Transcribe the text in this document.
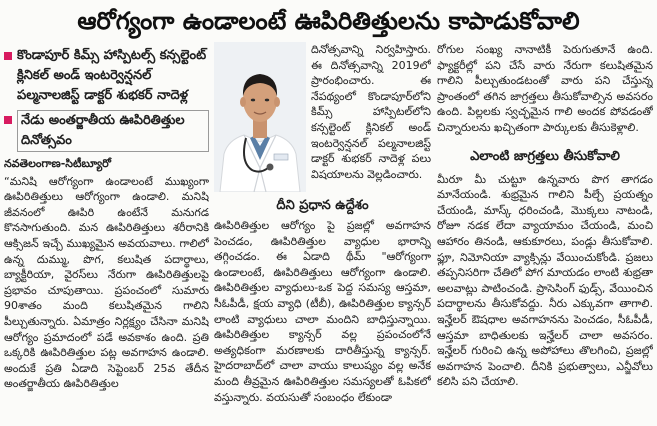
ఆరోగ్యంగా ఉండాలంటే ఊపిరితిత్తులను కాపాడుకోవాలి
కొండాపూర్ కిమ్స్ హాస్పిటల్స్ కన్సల్టెంట్ క్లినికల్ అండ్ ఇంటర్వెన్షనల్ పల్మనాలజిస్ట్ డాక్టర్ శుభకర్ నాదెళ్ల
నేడు అంతర్జాతీయ ఊపిరితిత్తుల దినోత్సవం
నవతెలంగాణ-సిటీబ్యూరో

“మనిషి ఆరోగ్యంగా ఉండాలంటే ముఖ్యంగా ఊపిరితిత్తులు ఆరోగ్యంగా ఉండాలి. మనిషి జీవనంలో ఊపిరి ఉంటేనే మనుగడ కొనసాగుతుంది. మన ఊపిరితిత్తులు శరీరానికి ఆక్సిజన్ ఇచ్చే ముఖ్యమైన అవయవాలు. గాలిలో ఉన్న దుమ్ము, పొగ, కలుషిత పదార్థాలు, బ్యాక్టీరియా, వైరస్‌లు నేరుగా ఊపిరితిత్తులపై ప్రభావం చూపుతాయి. ప్రపంచంలో సుమారు 90శాతం మంది కలుషితమైన గాలిని పీల్చుతున్నారు. ఏమాత్రం నిర్లక్ష్యం చేసినా మనిషి ఆరోగ్యం ప్రమాదంలో పడే అవకాశం ఉంది. ప్రతి ఒక్కరికి ఊపిరితిత్తుల పట్ల అవగాహన ఉండాలి. అందుకే ప్రతి ఏడాది సెప్టెంబర్ 25వ తేదీన అంతర్జాతీయ ఊపిరితిత్తుల

దినోత్సవాన్ని నిర్వహిస్తారు. ఈ దినోత్సవాన్ని 2019లో ప్రారంభించారు. ఈ నేపథ్యంలో కొండాపూర్‌లోని కిమ్స్ హాస్పిటల్‌లోని కన్సల్టెంట్ క్లినికల్ అండ్ ఇంటర్వెన్షనల్ పల్మనాలజిస్ట్ డాక్టర్ శుభకర్ నాదెళ్ల పలు విషయాలను వెల్లడించారు.

దీని ప్రధాన ఉద్దేశం

ఊపిరితిత్తుల ఆరోగ్యం పై ప్రజల్లో అవగాహన పెంచడం, ఊపిరితిత్తుల వ్యాధుల భారాన్ని తగ్గించడం. ఈ ఏడాది థీమ్ "ఆరోగ్యంగా ఉండాలంటే, ఊపిరితిత్తులు ఆరోగ్యంగా ఉండాలి. ఊపిరితిత్తుల వ్యాధులు-ఒక పెద్ద సమస్య ఆస్తమా, సీఓపీడీ, క్షయ వ్యాధి (టీబీ), ఊపిరితిత్తుల క్యాన్సర్ లాంటి వ్యాధులు చాలా మందిని బాధిస్తున్నాయి. ఊపిరితిత్తుల క్యాన్సర్ వల్ల ప్రపంచంలోనే అత్యధికంగా మరణాలకు దారితీస్తున్న క్యాన్సర్. హైదరాబాద్‌లో చాలా వాయు కాలుష్యం వల్ల అనేక మంది తీవ్రమైన ఊపిరితిత్తుల సమస్యలతో ఓపికలో వస్తున్నారు. వయసుతో సంబంధం లేకుండా

రోగుల సంఖ్య నానాటికీ పెరుగుతూనే ఉంది. ఫ్యాక్టరీల్లో పని చేసే వారు నేరుగా కలుషితమైన గాలిని పీల్చుతుండటంతో వారు పని చేస్తున్న ప్రాంతంలో తగిన జాగ్రత్తలు తీసుకోవాల్సిన అవసరం ఉంది. పిల్లలకు స్వచ్ఛమైన గాలి అందక పోవడంతో చిన్నారులను ఖచ్చితంగా పార్కులకు తీసుకెళ్లాలి.

ఎలాంటి జాగ్రత్తలు తీసుకోవాలి

మీరూ మీ చుట్టూ ఉన్నవారు పొగ తాగడం మానేయండి. శుభ్రమైన గాలిని పీల్చే ప్రయత్నం చేయండి, మాస్క్ ధరించండి, మొక్కలు నాటండి, రోజూ నడక లేదా వ్యాయామం చేయండి, మంచి ఆహారం తినండి, ఆకుకూరలు, పండ్లు తీసుకోవాలి. ఫ్లూ, నిమోనియా వ్యాక్సిన్లు వేయించుకోండి. ప్రజలు తప్పనిసరిగా చేతిలో పోగ మాయడం లాంటి శుభ్రతా అలవాట్లు పాటించండి. ప్రాసెసింగ్ ఫుడ్స్, వేయించిన పదార్థాలను తీసుకోవద్దు. నీరు ఎక్కువగా తాగాలి. ఇన్హేలర్ ఔషధాల అవగాహనను పెంచడం, సీఓపీడీ, ఆస్తమా బాధితులకు ఇన్హేలర్ చాలా అవసరం. ఇన్హేలర్ గురించి ఉన్న అపోహాలు తొలగించి, ప్రజల్లో అవగాహన పెంచాలి. దీనికి ప్రభుత్వాలు, ఎన్జీవోలు కలిసి పని చేయాలి.
